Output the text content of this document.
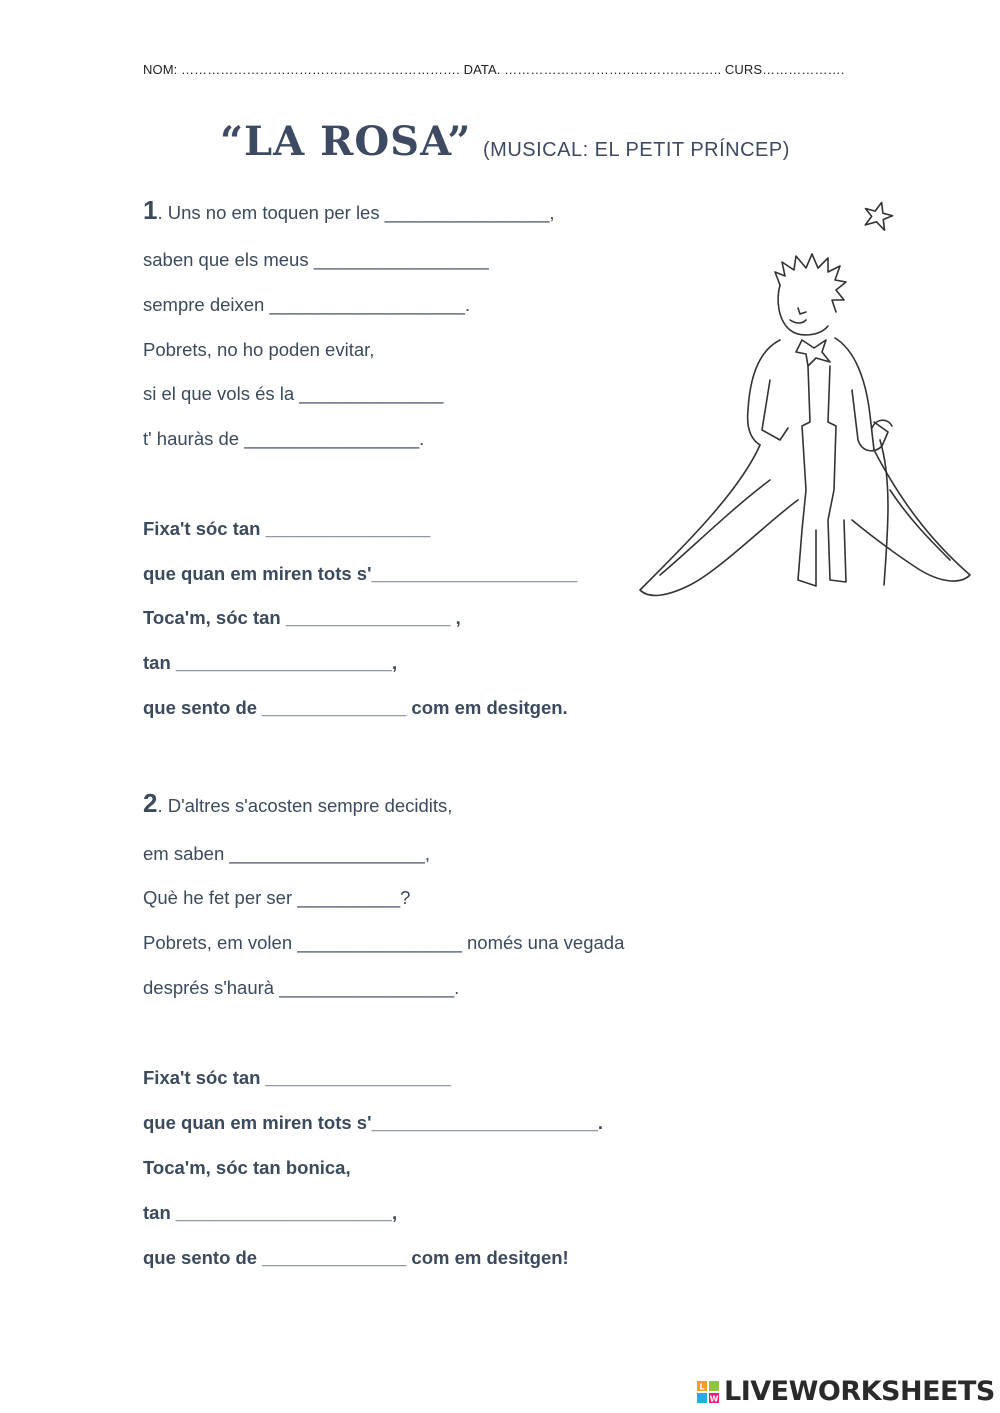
NOM: ………………………………………………………. DATA. ………………………………………….. CURS……………….
“LA ROSA” (MUSICAL: EL PETIT PRÍNCEP)
1. Uns no em toquen per les ________________,
saben que els meus _________________
sempre deixen ___________________.
Pobrets, no ho poden evitar,
si el que vols és la ______________
t' hauràs de _________________.
Fixa't sóc tan ________________
que quan em miren tots s'____________________
Toca'm, sóc tan ________________ ,
tan _____________________,
que sento de ______________ com em desitgen.
2. D'altres s'acosten sempre decidits,
em saben ___________________,
Què he fet per ser __________?
Pobrets, em volen ________________ només una vegada
després s'haurà _________________.
Fixa't sóc tan __________________
que quan em miren tots s'______________________.
Toca'm, sóc tan bonica,
tan _____________________,
que sento de ______________ com em desitgen!
L
W LIVEWORKSHEETS
